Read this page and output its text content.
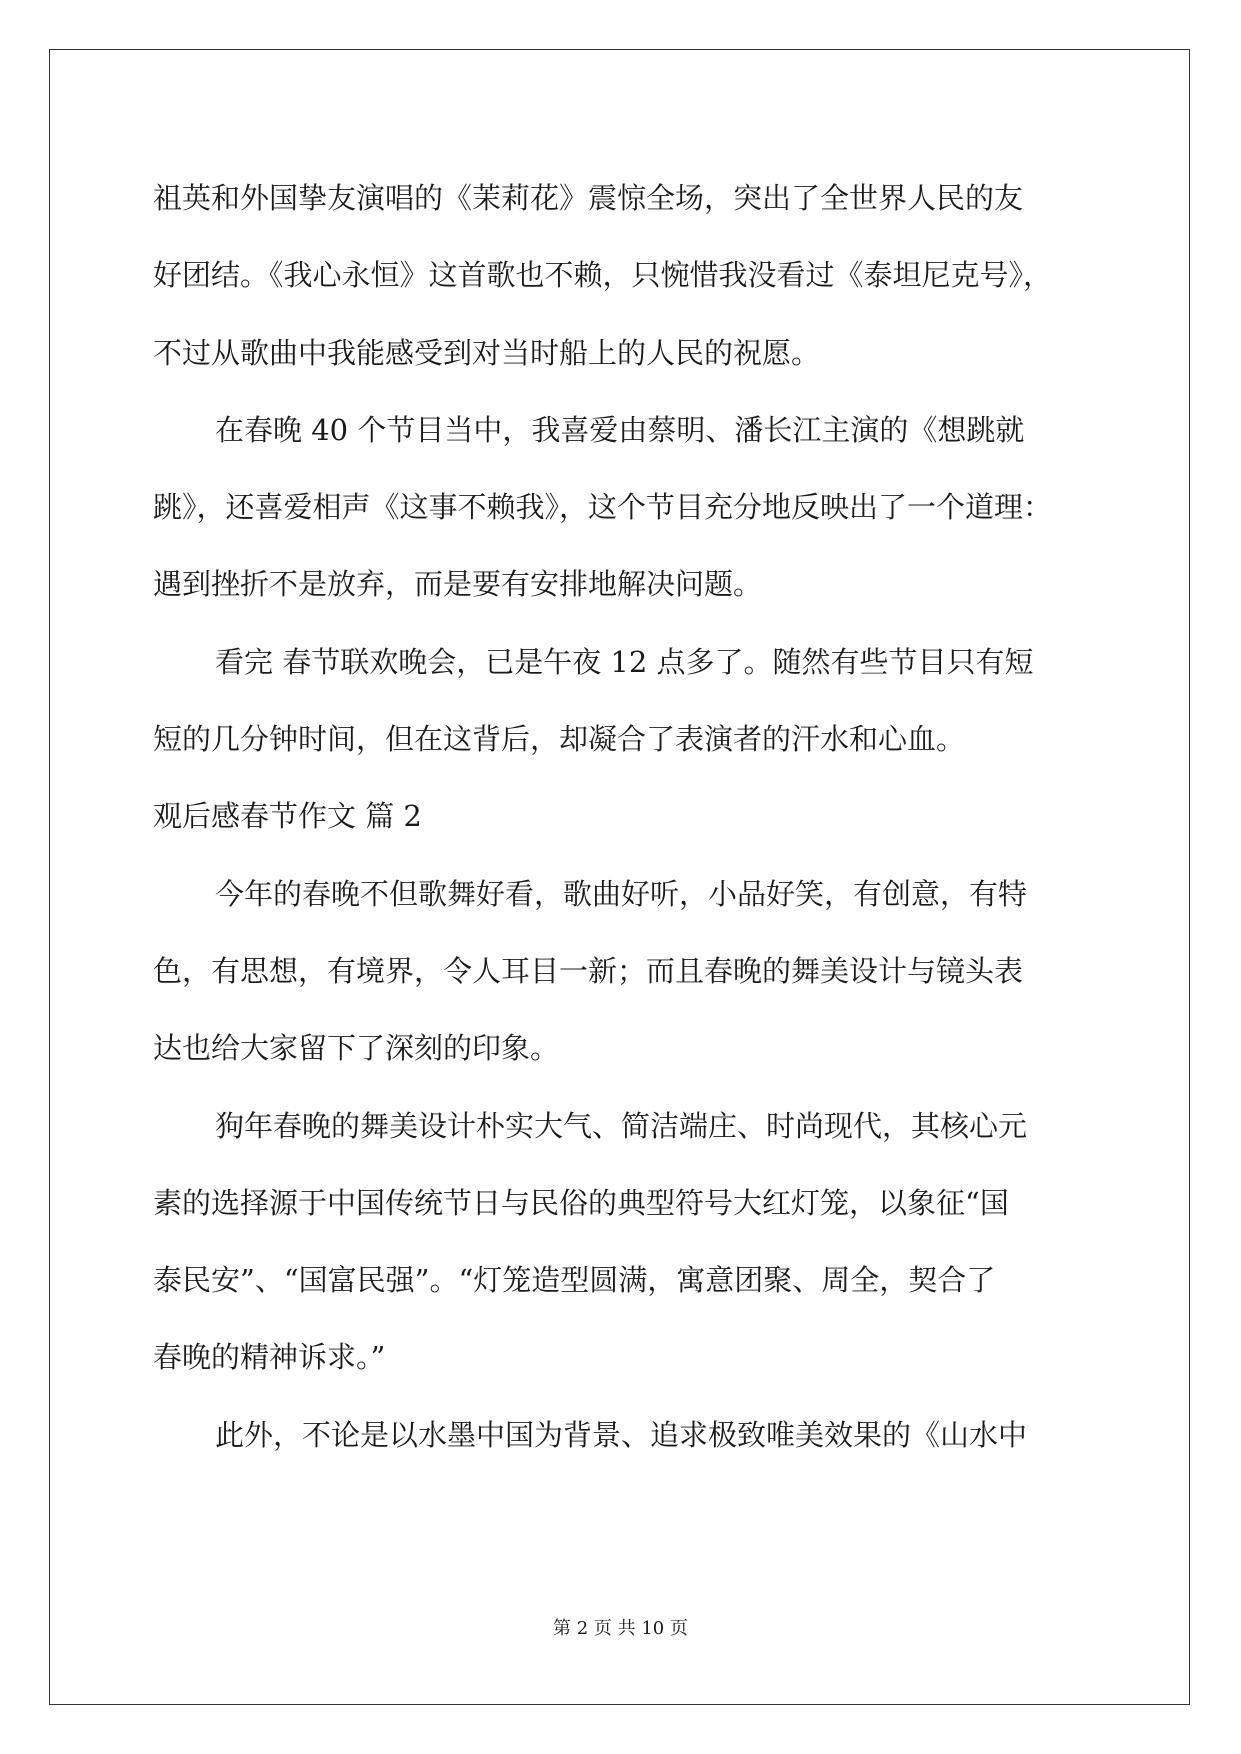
祖英和外国挚友演唱的《茉莉花》震惊全场，突出了全世界人民的友
好团结。《我心永恒》这首歌也不赖，只惋惜我没看过《泰坦尼克号》，
不过从歌曲中我能感受到对当时船上的人民的祝愿。
在春晚 40 个节目当中，我喜爱由蔡明、潘长江主演的《想跳就
跳》，还喜爱相声《这事不赖我》，这个节目充分地反映出了一个道理：
遇到挫折不是放弃，而是要有安排地解决问题。
看完 春节联欢晚会，已是午夜 12 点多了。随然有些节目只有短
短的几分钟时间，但在这背后，却凝合了表演者的汗水和心血。
观后感春节作文 篇 2
今年的春晚不但歌舞好看，歌曲好听，小品好笑，有创意，有特
色，有思想，有境界，令人耳目一新；而且春晚的舞美设计与镜头表
达也给大家留下了深刻的印象。
狗年春晚的舞美设计朴实大气、简洁端庄、时尚现代，其核心元
素的选择源于中国传统节日与民俗的典型符号大红灯笼，以象征“国
泰民安”、“国富民强”。“灯笼造型圆满，寓意团聚、周全，契合了
春晚的精神诉求。”
此外，不论是以水墨中国为背景、追求极致唯美效果的《山水中
第 2 页 共 10 页
